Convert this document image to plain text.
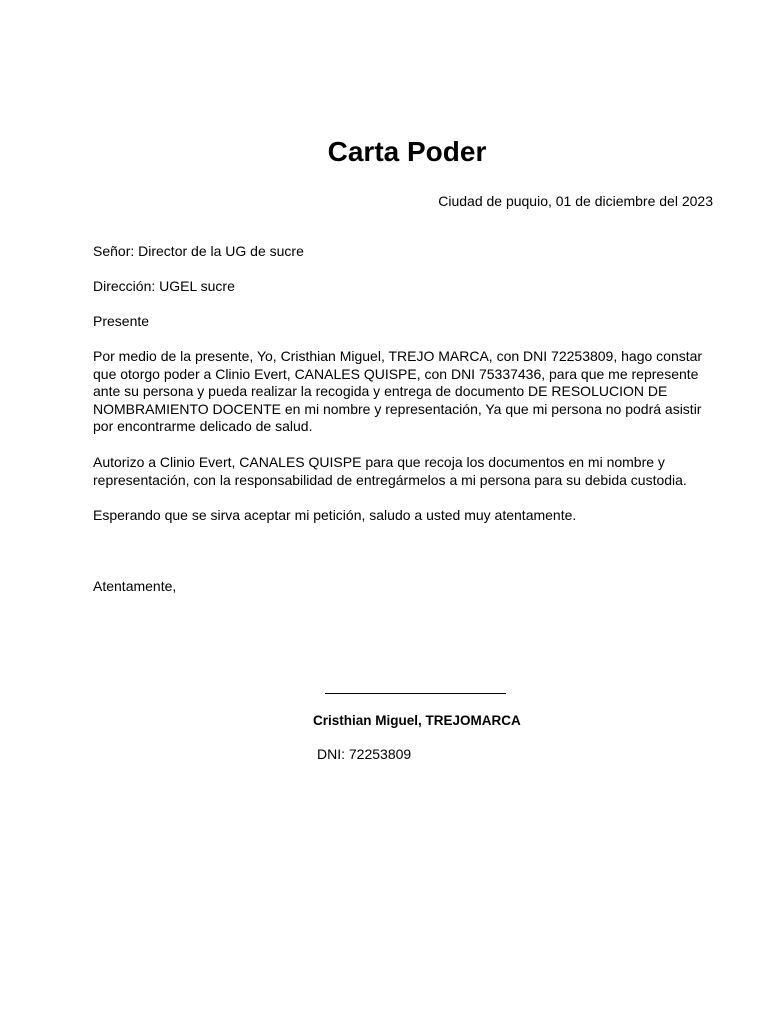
Carta Poder
Ciudad de puquio, 01 de diciembre del 2023
Señor: Director de la UG de sucre
Dirección: UGEL sucre
Presente
Por medio de la presente, Yo, Cristhian Miguel, TREJO MARCA, con DNI 72253809, hago constar que otorgo poder a Clinio Evert, CANALES QUISPE, con DNI 75337436, para que me represente ante su persona y pueda realizar la recogida y entrega de documento DE RESOLUCION DE NOMBRAMIENTO DOCENTE en mi nombre y representación, Ya que mi persona no podrá asistir por encontrarme delicado de salud.
Autorizo a Clinio Evert, CANALES QUISPE para que recoja los documentos en mi nombre y representación, con la responsabilidad de entregármelos a mi persona para su debida custodia.
Esperando que se sirva aceptar mi petición, saludo a usted muy atentamente.
Atentamente,
Cristhian Miguel, TREJOMARCA
DNI: 72253809
